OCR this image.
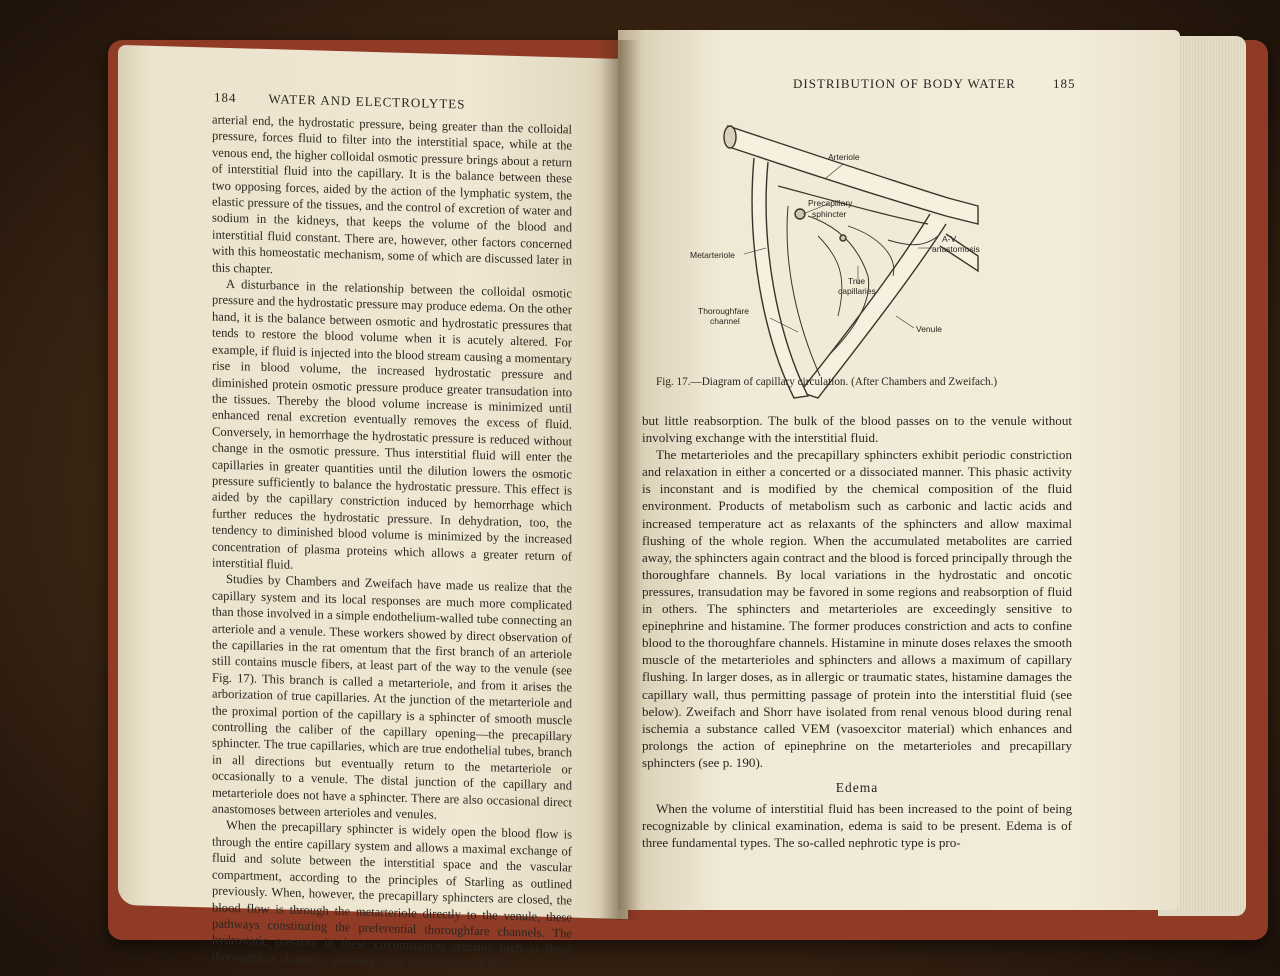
184 WATER AND ELECTROLYTES

arterial end, the hydrostatic pressure, being greater than the colloidal pressure, forces fluid to filter into the interstitial space, while at the venous end, the higher colloidal osmotic pressure brings about a return of interstitial fluid into the capillary. It is the balance between these two opposing forces, aided by the action of the lymphatic system, the elastic pressure of the tissues, and the control of excretion of water and sodium in the kidneys, that keeps the volume of the blood and interstitial fluid constant. There are, however, other factors concerned with this homeostatic mechanism, some of which are discussed later in this chapter.

A disturbance in the relationship between the colloidal osmotic pressure and the hydrostatic pressure may produce edema. On the other hand, it is the balance between osmotic and hydrostatic pressures that tends to restore the blood volume when it is acutely altered. For example, if fluid is injected into the blood stream causing a momentary rise in blood volume, the increased hydrostatic pressure and diminished protein osmotic pressure produce greater transudation into the tissues. Thereby the blood volume increase is minimized until enhanced renal excretion eventually removes the excess of fluid. Conversely, in hemorrhage the hydrostatic pressure is reduced without change in the osmotic pressure. Thus interstitial fluid will enter the capillaries in greater quantities until the dilution lowers the osmotic pressure sufficiently to balance the hydrostatic pressure. This effect is aided by the capillary constriction induced by hemorrhage which further reduces the hydrostatic pressure. In dehydration, too, the tendency to diminished blood volume is minimized by the increased concentration of plasma proteins which allows a greater return of interstitial fluid.

Studies by Chambers and Zweifach have made us realize that the capillary system and its local responses are much more complicated than those involved in a simple endothelium-walled tube connecting an arteriole and a venule. These workers showed by direct observation of the capillaries in the rat omentum that the first branch of an arteriole still contains muscle fibers, at least part of the way to the venule (see Fig. 17). This branch is called a metarteriole, and from it arises the arborization of true capillaries. At the junction of the metarteriole and the proximal portion of the capillary is a sphincter of smooth muscle controlling the caliber of the capillary opening—the precapillary sphincter. The true capillaries, which are true endothelial tubes, branch in all directions but eventually return to the metarteriole or occasionally to a venule. The distal junction of the capillary and metarteriole does not have a sphincter. There are also occasional direct anastomoses between arterioles and venules.

When the precapillary sphincter is widely open the blood flow is through the entire capillary system and allows a maximal exchange of fluid and solute between the interstitial space and the vascular compartment, according to the principles of Starling as outlined previously. When, however, the precapillary sphincters are closed, the blood flow is through the metarteriole directly to the venule, these pathways constituting the preferential thoroughfare channels. The hydrostatic pressure in these circumstances remains high in these thoroughfare channels, allowing some transudation of fluid

DISTRIBUTION OF BODY WATER	185
Arteriole
Precapillary
sphincter
Metarteriole
A-V
anastomosis
True
capillaries
Thoroughfare
channel
Venule
Fig. 17.—Diagram of capillary circulation. (After Chambers and Zweifach.)

but little reabsorption. The bulk of the blood passes on to the venule without involving exchange with the interstitial fluid.

The metarterioles and the precapillary sphincters exhibit periodic constriction and relaxation in either a concerted or a dissociated manner. This phasic activity is inconstant and is modified by the chemical composition of the fluid environment. Products of metabolism such as carbonic and lactic acids and increased temperature act as relaxants of the sphincters and allow maximal flushing of the whole region. When the accumulated metabolites are carried away, the sphincters again contract and the blood is forced principally through the thoroughfare channels. By local variations in the hydrostatic and oncotic pressures, transudation may be favored in some regions and reabsorption of fluid in others. The sphincters and metarterioles are exceedingly sensitive to epinephrine and histamine. The former produces constriction and acts to confine blood to the thoroughfare channels. Histamine in minute doses relaxes the smooth muscle of the metarterioles and sphincters and allows a maximum of capillary flushing. In larger doses, as in allergic or traumatic states, histamine damages the capillary wall, thus permitting passage of protein into the interstitial fluid (see below). Zweifach and Shorr have isolated from renal venous blood during renal ischemia a substance called VEM (vasoexcitor material) which enhances and prolongs the action of epinephrine on the metarterioles and precapillary sphincters (see p. 190).

Edema

When the volume of interstitial fluid has been increased to the point of being recognizable by clinical examination, edema is said to be present. Edema is of three fundamental types. The so-called nephrotic type is pro-
